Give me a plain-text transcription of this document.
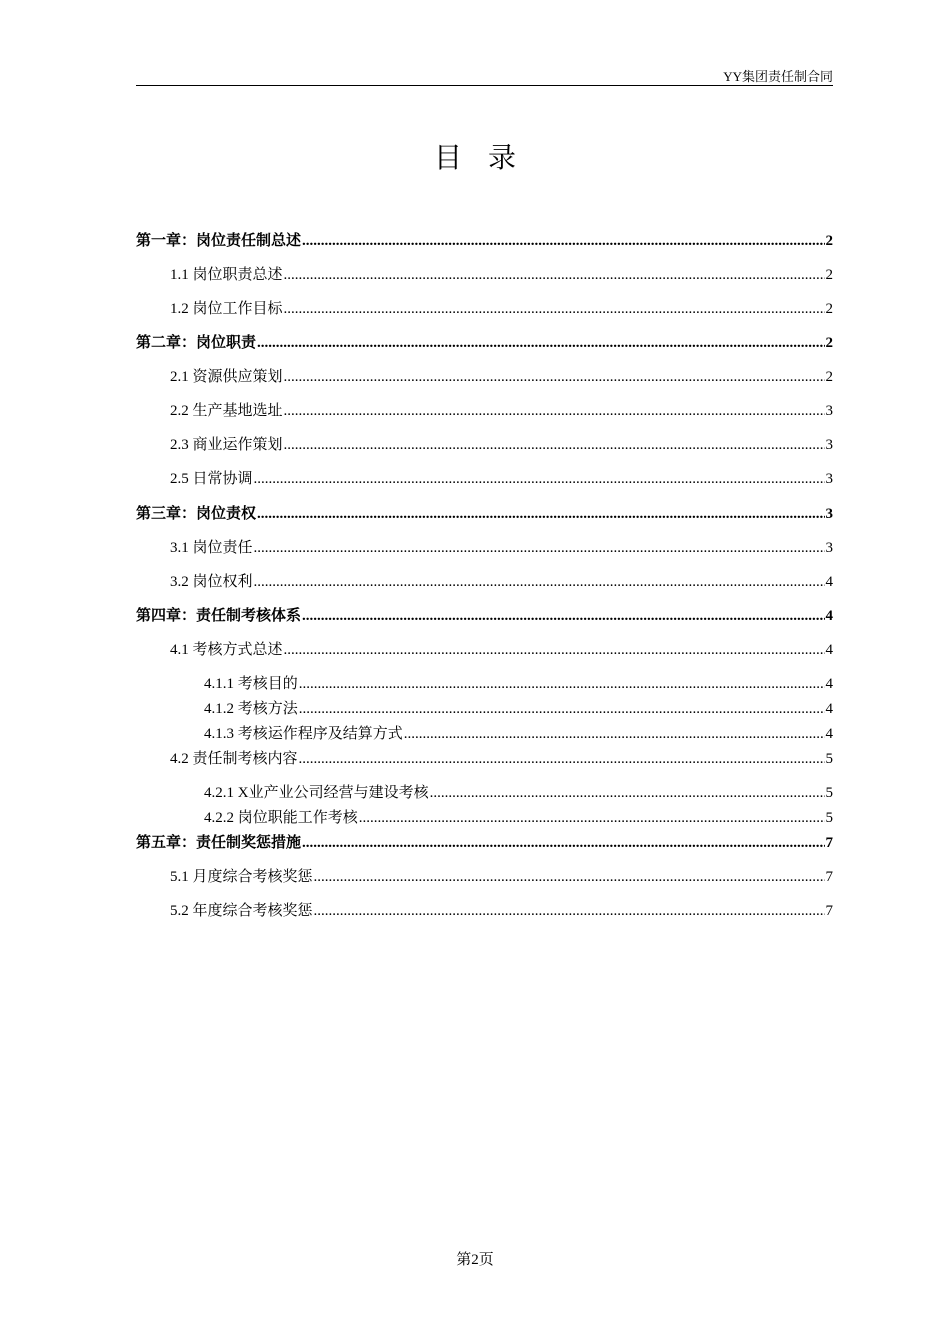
YY集团责任制合同
目录
第一章：岗位责任制总述 .....	2
1.1 岗位职责总述 .....	2
1.2 岗位工作目标 .....	2
第二章：岗位职责 .....	2
2.1 资源供应策划 .....	2
2.2 生产基地选址 .....	3
2.3 商业运作策划 .....	3
2.5 日常协调 .....	3
第三章：岗位责权 .....	3
3.1 岗位责任 .....	3
3.2 岗位权利 .....	4
第四章：责任制考核体系 .....	4
4.1 考核方式总述 .....	4
4.1.1 考核目的 .....	4
4.1.2 考核方法 .....	4
4.1.3 考核运作程序及结算方式 .....	4
4.2 责任制考核内容 .....	5
4.2.1 X业产业公司经营与建设考核 .....	5
4.2.2 岗位职能工作考核 .....	5
第五章：责任制奖惩措施 .....	7
5.1 月度综合考核奖惩 .....	7
5.2 年度综合考核奖惩 .....	7
第2页
